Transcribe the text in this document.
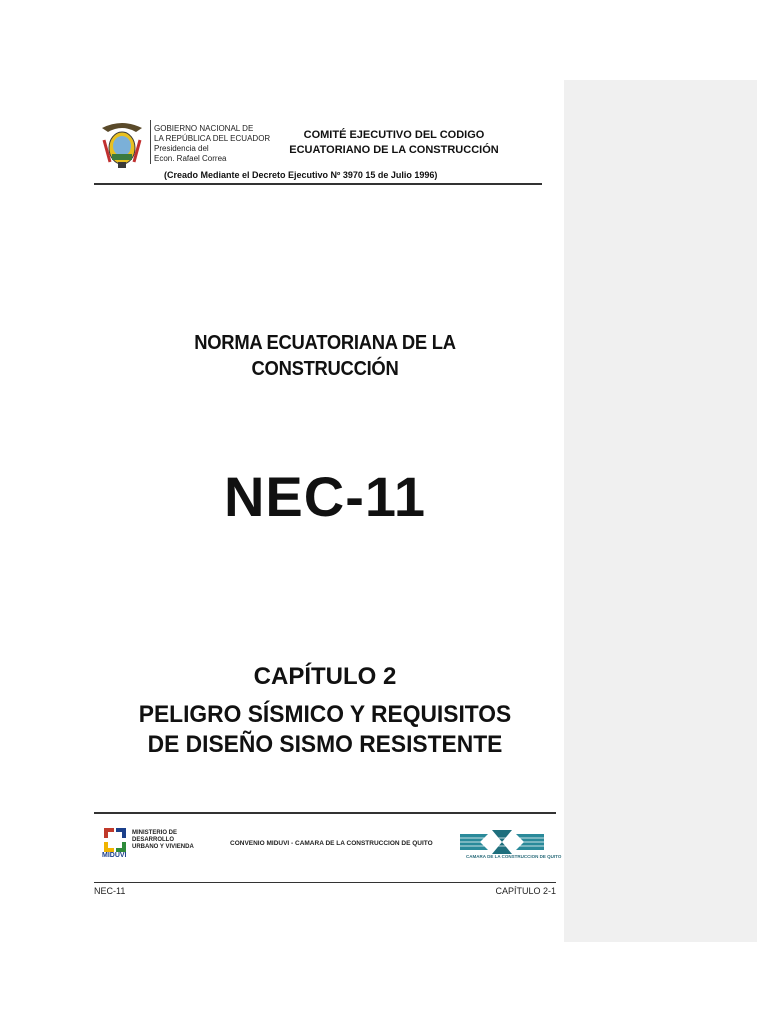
GOBIERNO NACIONAL DE
LA REPÚBLICA DEL ECUADOR
Presidencia del
Econ. Rafael Correa
COMITÉ EJECUTIVO DEL CODIGO
ECUATORIANO DE LA CONSTRUCCIÓN
(Creado Mediante el Decreto Ejecutivo Nº 3970 15 de Julio 1996)
NORMA ECUATORIANA DE LA
CONSTRUCCIÓN
NEC-11
CAPÍTULO 2
PELIGRO SÍSMICO Y REQUISITOS
DE DISEÑO SISMO RESISTENTE
MIDUVI
MINISTERIO DE
DESARROLLO
URBANO Y VIVIENDA	CONVENIO MIDUVI - CAMARA DE LA CONSTRUCCION DE QUITO
CAMARA DE LA CONSTRUCCION DE QUITO
NEC-11	CAPÍTULO 2-1
